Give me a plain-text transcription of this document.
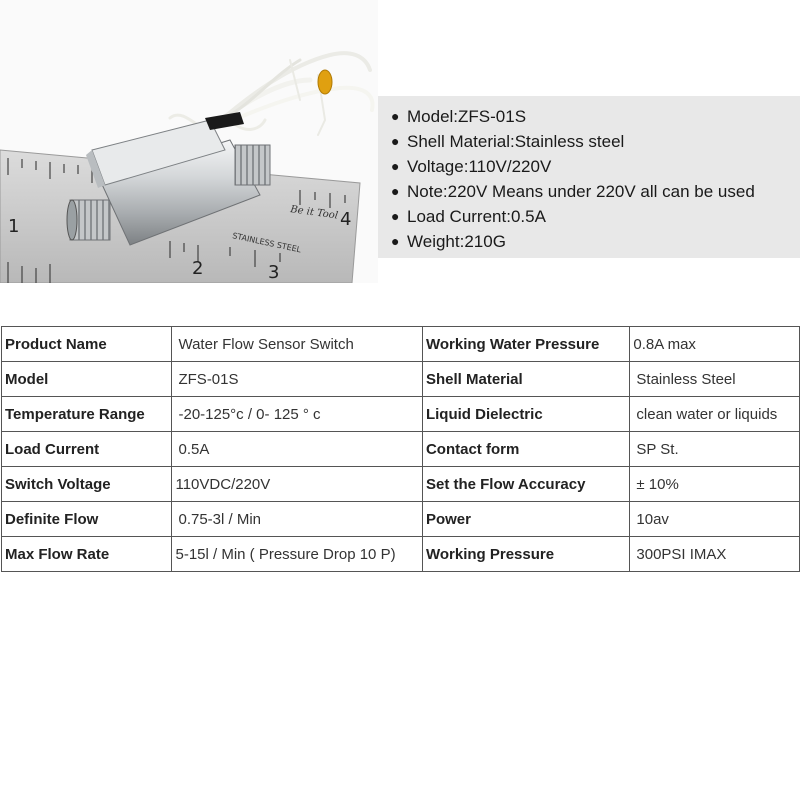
1
2	3
4
STAINLESS STEEL
Be it Tool
● Model:ZFS-01S
● Shell Material:Stainless steel
● Voltage:110V/220V
● Note:220V Means under 220V all can be used
● Load Current:0.5A
● Weight:210G
Product Name	Water Flow Sensor Switch	Working Water Pressure	0.8A max
Model	ZFS-01S	Shell Material	Stainless Steel
Temperature Range	-20-125°c / 0- 125 ° c	Liquid Dielectric	clean water or liquids
Load Current	0.5A	Contact form	SP St.
Switch Voltage	110VDC/220V	Set the Flow Accuracy	± 10%
Definite Flow	0.75-3l / Min	Power	10av
Max Flow Rate	5-15l / Min ( Pressure Drop 10 P)	Working Pressure	300PSI IMAX
